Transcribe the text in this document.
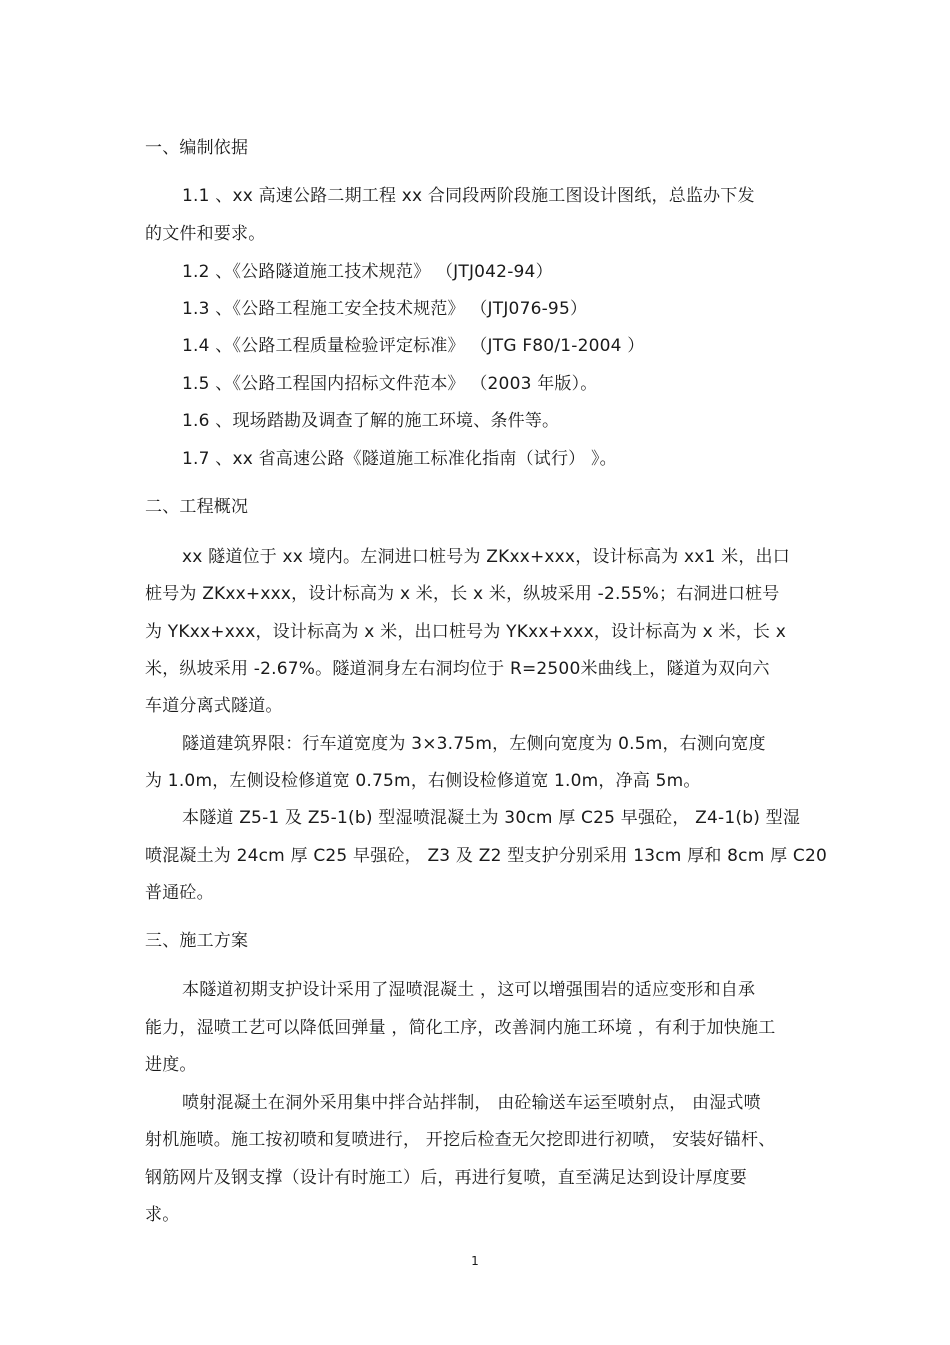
一、编制依据
1.1 、xx 高速公路二期工程 xx 合同段两阶段施工图设计图纸，总监办下发
的文件和要求。
1.2 、《公路隧道施工技术规范》 （JTJ042-94）
1.3 、《公路工程施工安全技术规范》 （JTJ076-95）
1.4 、《公路工程质量检验评定标准》 （JTG F80/1-2004 ）
1.5 、《公路工程国内招标文件范本》 （2003 年版）。
1.6 、现场踏勘及调查了解的施工环境、条件等。
1.7 、xx 省高速公路《隧道施工标准化指南（试行） 》。
二、工程概况
xx 隧道位于 xx 境内。左洞进口桩号为 ZKxx+xxx，设计标高为 xx1 米，出口
桩号为 ZKxx+xxx，设计标高为 x 米，长 x 米，纵坡采用 -2.55%；右洞进口桩号
为 YKxx+xxx，设计标高为 x 米，出口桩号为 YKxx+xxx，设计标高为 x 米，长 x
米，纵坡采用 -2.67%。隧道洞身左右洞均位于 R=2500米曲线上，隧道为双向六
车道分离式隧道。
隧道建筑界限：行车道宽度为 3×3.75m，左侧向宽度为 0.5m，右测向宽度
为 1.0m，左侧设检修道宽 0.75m，右侧设检修道宽 1.0m，净高 5m。
本隧道 Z5-1 及 Z5-1(b) 型湿喷混凝土为 30cm 厚 C25 早强砼， Z4-1(b) 型湿
喷混凝土为 24cm 厚 C25 早强砼， Z3 及 Z2 型支护分别采用 13cm 厚和 8cm 厚 C20
普通砼。
三、施工方案
本隧道初期支护设计采用了湿喷混凝土 ，这可以增强围岩的适应变形和自承
能力，湿喷工艺可以降低回弹量 ，简化工序，改善洞内施工环境 ，有利于加快施工
进度。
喷射混凝土在洞外采用集中拌合站拌制， 由砼输送车运至喷射点， 由湿式喷
射机施喷。施工按初喷和复喷进行， 开挖后检查无欠挖即进行初喷， 安装好锚杆、
钢筋网片及钢支撑（设计有时施工）后，再进行复喷，直至满足达到设计厚度要
求。
1
